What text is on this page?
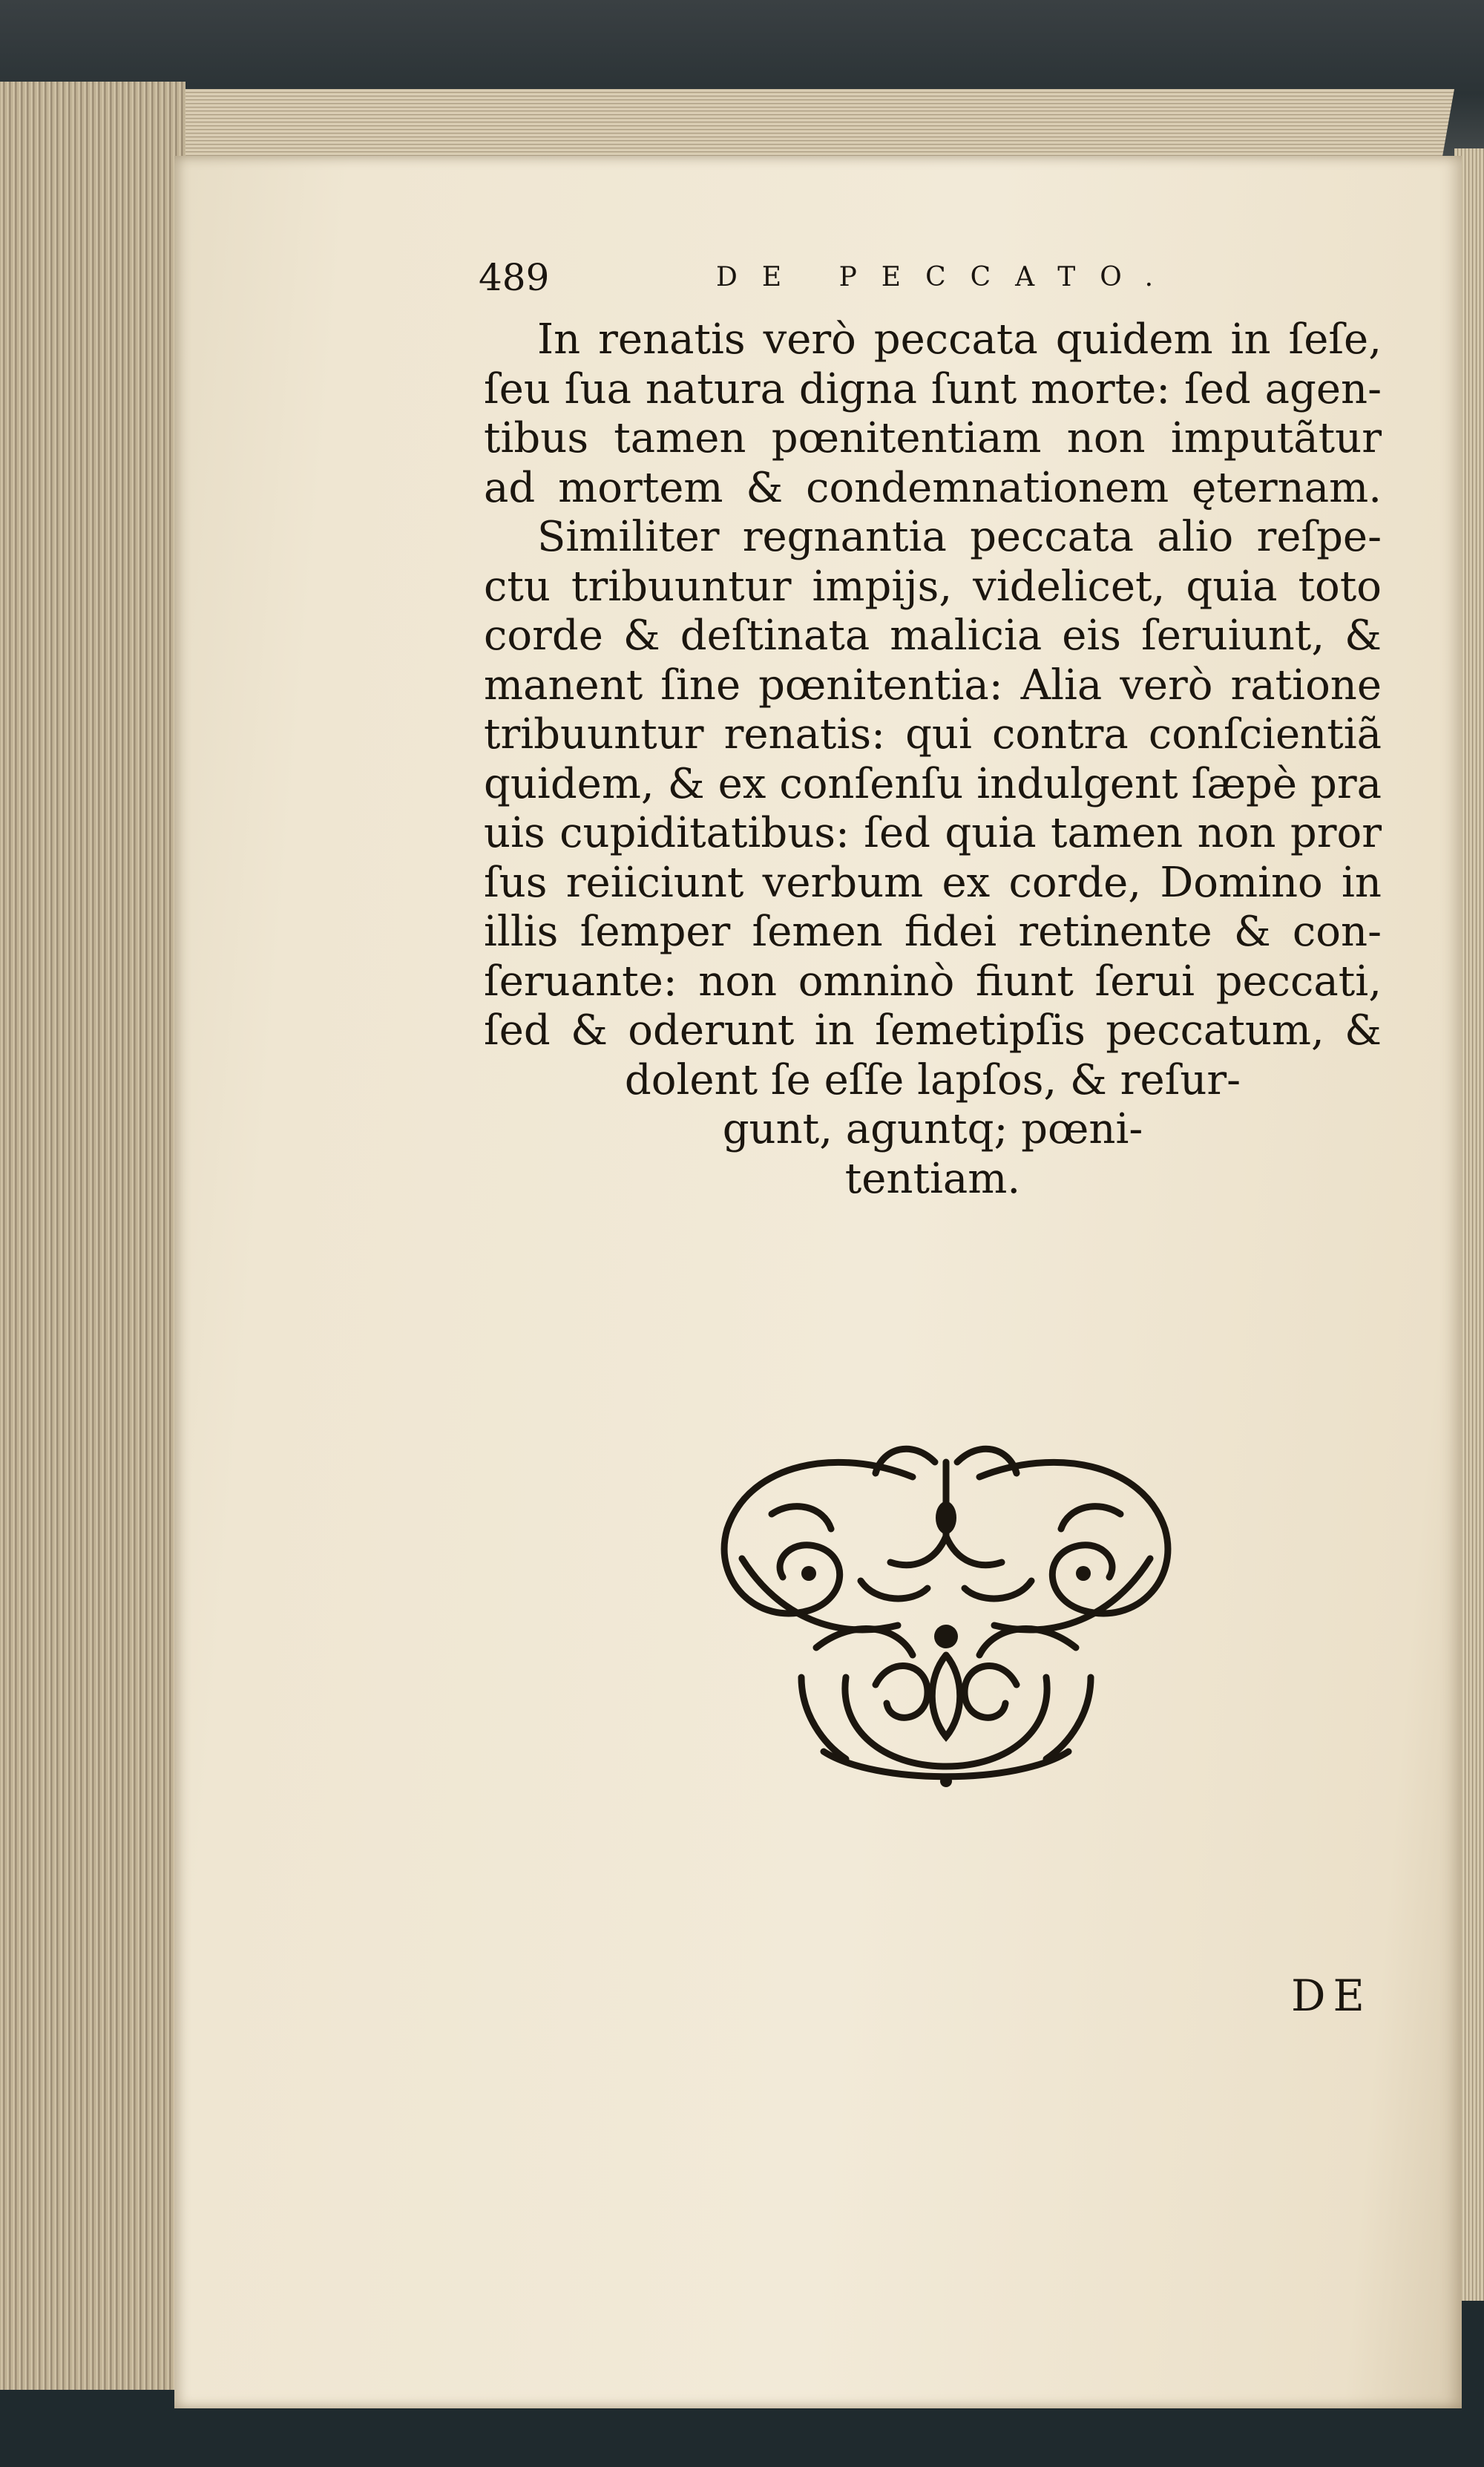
489	DE PECCATO.
In renatis verò peccata quidem in ſeſe,
ſeu ſua natura digna ſunt morte: ſed agen-
tibus tamen pœnitentiam non imputãtur
ad mortem & condemnationem ęternam.
Similiter regnantia peccata alio reſpe-
ctu tribuuntur impijs, videlicet, quia toto
corde & deſtinata malicia eis ſeruiunt, &
manent ſine pœnitentia: Alia verò ratione
tribuuntur renatis: qui contra conſcientiã
quidem, & ex conſenſu indulgent ſæpè pra
uis cupiditatibus: ſed quia tamen non pror
ſus reiiciunt verbum ex corde, Domino in
illis ſemper ſemen fidei retinente & con-
ſeruante: non omninò fiunt ſerui peccati,
ſed & oderunt in ſemetipſis peccatum, &
dolent ſe eſſe lapſos, & reſur-
gunt, aguntq; pœni-
tentiam.
DE
